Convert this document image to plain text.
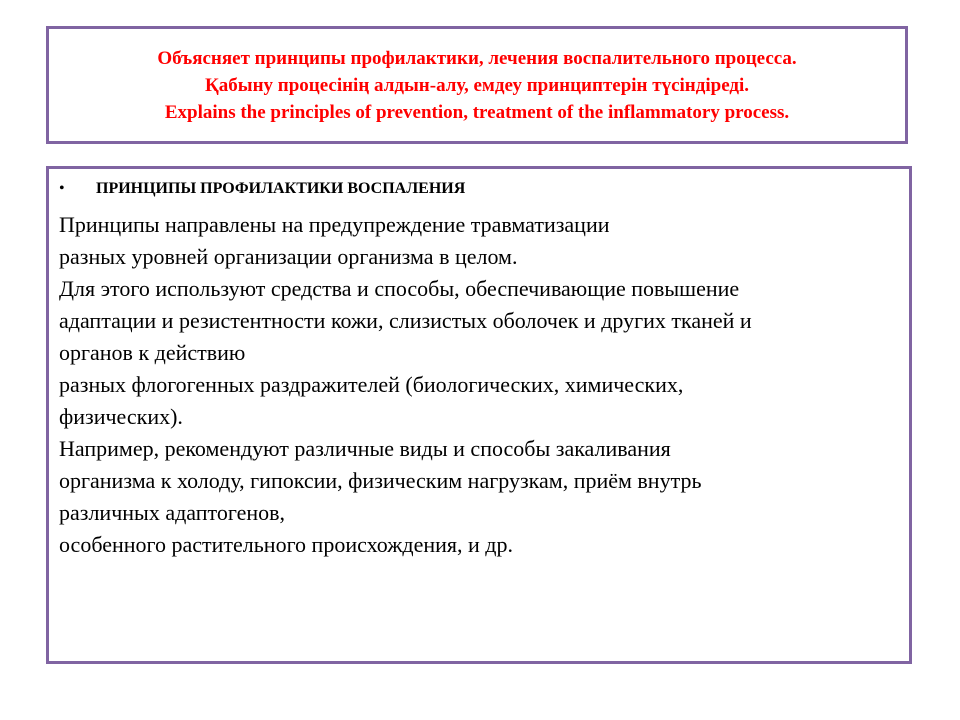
Объясняет принципы профилактики, лечения воспалительного процесса.
Қабыну процесінің алдын-алу, емдеу принциптерін түсіндіреді.
Explains the principles of prevention, treatment of the inflammatory process.
• ПРИНЦИПЫ ПРОФИЛАКТИКИ ВОСПАЛЕНИЯ
Принципы направлены на предупреждение травматизации
разных уровней организации организма в целом.
Для этого используют средства и способы, обеспечивающие повышение
адаптации и резистентности кожи, слизистых оболочек и других тканей и
органов к действию
разных флогогенных раздражителей (биологических, химических,
физических).
Например, рекомендуют различные виды и способы закаливания
организма к холоду, гипоксии, физическим нагрузкам, приём внутрь
различных адаптогенов,
особенного растительного происхождения, и др.
